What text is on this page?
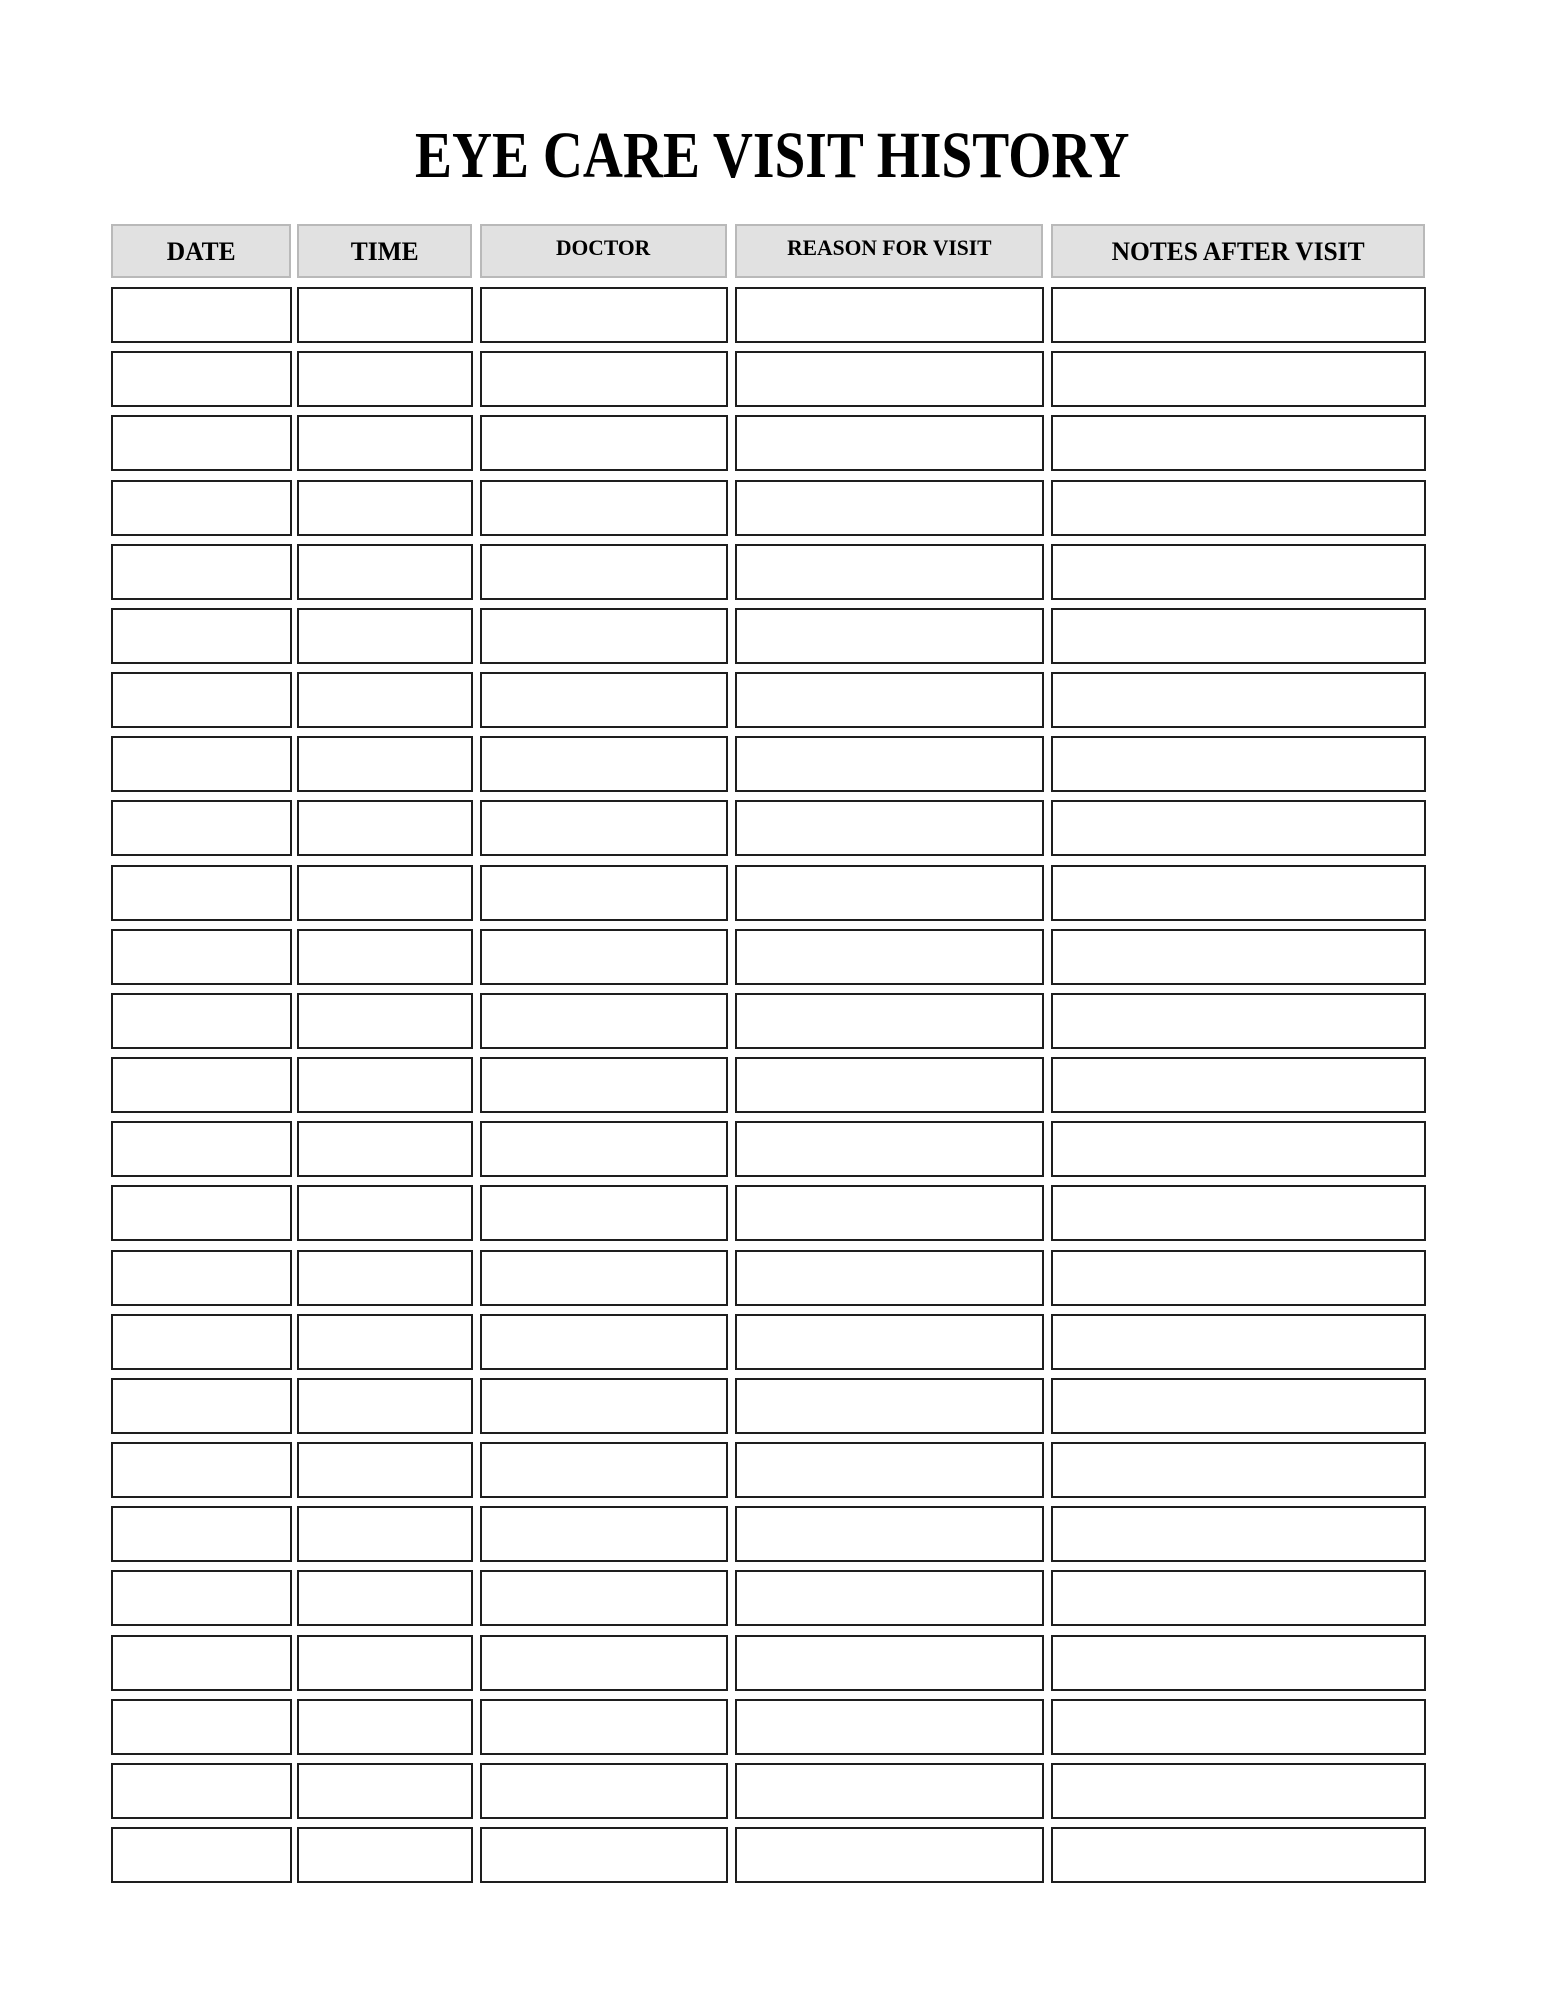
EYE CARE VISIT HISTORY
DATE	TIME	DOCTOR	REASON FOR VISIT	NOTES AFTER VISIT
